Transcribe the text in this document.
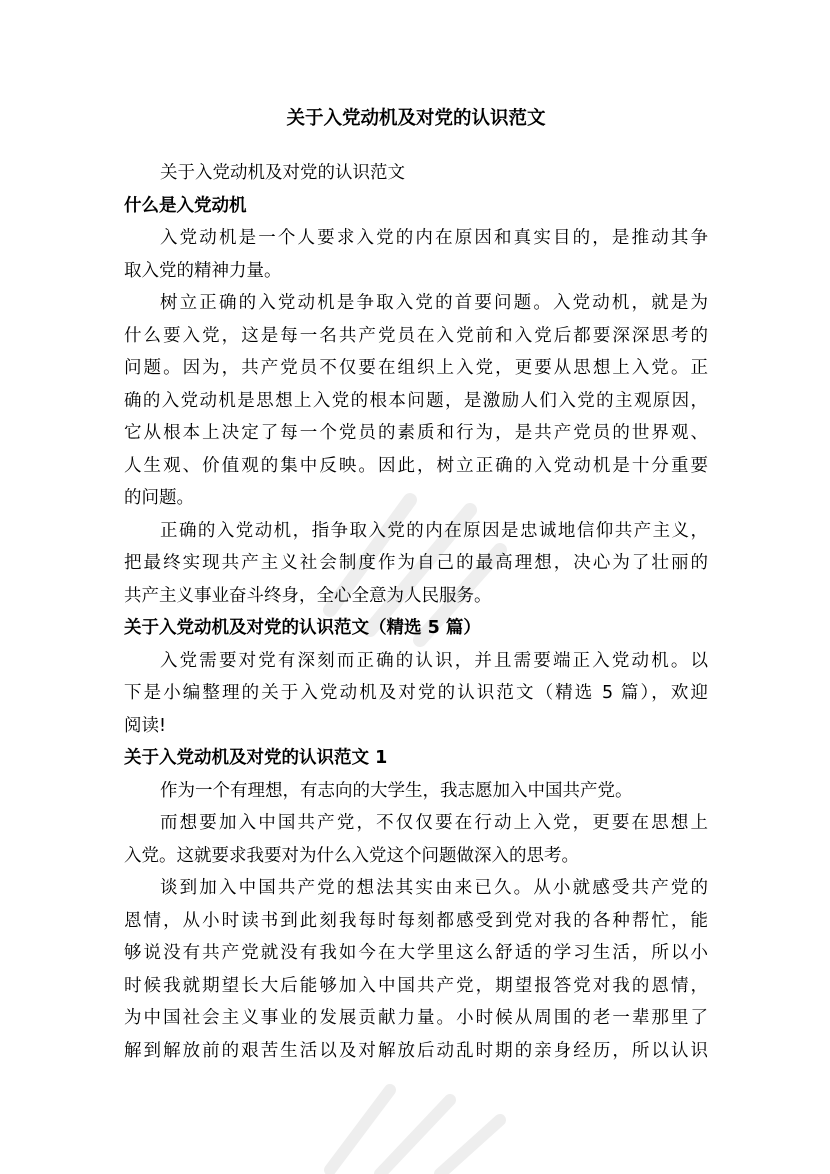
关于入党动机及对党的认识范文

关于入党动机及对党的认识范文

什么是入党动机

入党动机是一个人要求入党的内在原因和真实目的，是推动其争
取入党的精神力量。
树立正确的入党动机是争取入党的首要问题。入党动机，就是为
什么要入党，这是每一名共产党员在入党前和入党后都要深深思考的
问题。因为，共产党员不仅要在组织上入党，更要从思想上入党。正
确的入党动机是思想上入党的根本问题，是激励人们入党的主观原因，
它从根本上决定了每一个党员的素质和行为，是共产党员的世界观、
人生观、价值观的集中反映。因此，树立正确的入党动机是十分重要
的问题。
正确的入党动机，指争取入党的内在原因是忠诚地信仰共产主义，
把最终实现共产主义社会制度作为自己的最高理想，决心为了壮丽的
共产主义事业奋斗终身，全心全意为人民服务。

关于入党动机及对党的认识范文（精选 5 篇）

入党需要对党有深刻而正确的认识，并且需要端正入党动机。以
下是小编整理的关于入党动机及对党的认识范文（精选 5 篇），欢迎
阅读!

关于入党动机及对党的认识范文 1

作为一个有理想，有志向的大学生，我志愿加入中国共产党。
而想要加入中国共产党，不仅仅要在行动上入党，更要在思想上
入党。这就要求我要对为什么入党这个问题做深入的思考。
谈到加入中国共产党的想法其实由来已久。从小就感受共产党的
恩情，从小时读书到此刻我每时每刻都感受到党对我的各种帮忙，能
够说没有共产党就没有我如今在大学里这么舒适的学习生活，所以小
时候我就期望长大后能够加入中国共产党，期望报答党对我的恩情，
为中国社会主义事业的发展贡献力量。小时候从周围的老一辈那里了
解到解放前的艰苦生活以及对解放后动乱时期的亲身经历，所以认识
